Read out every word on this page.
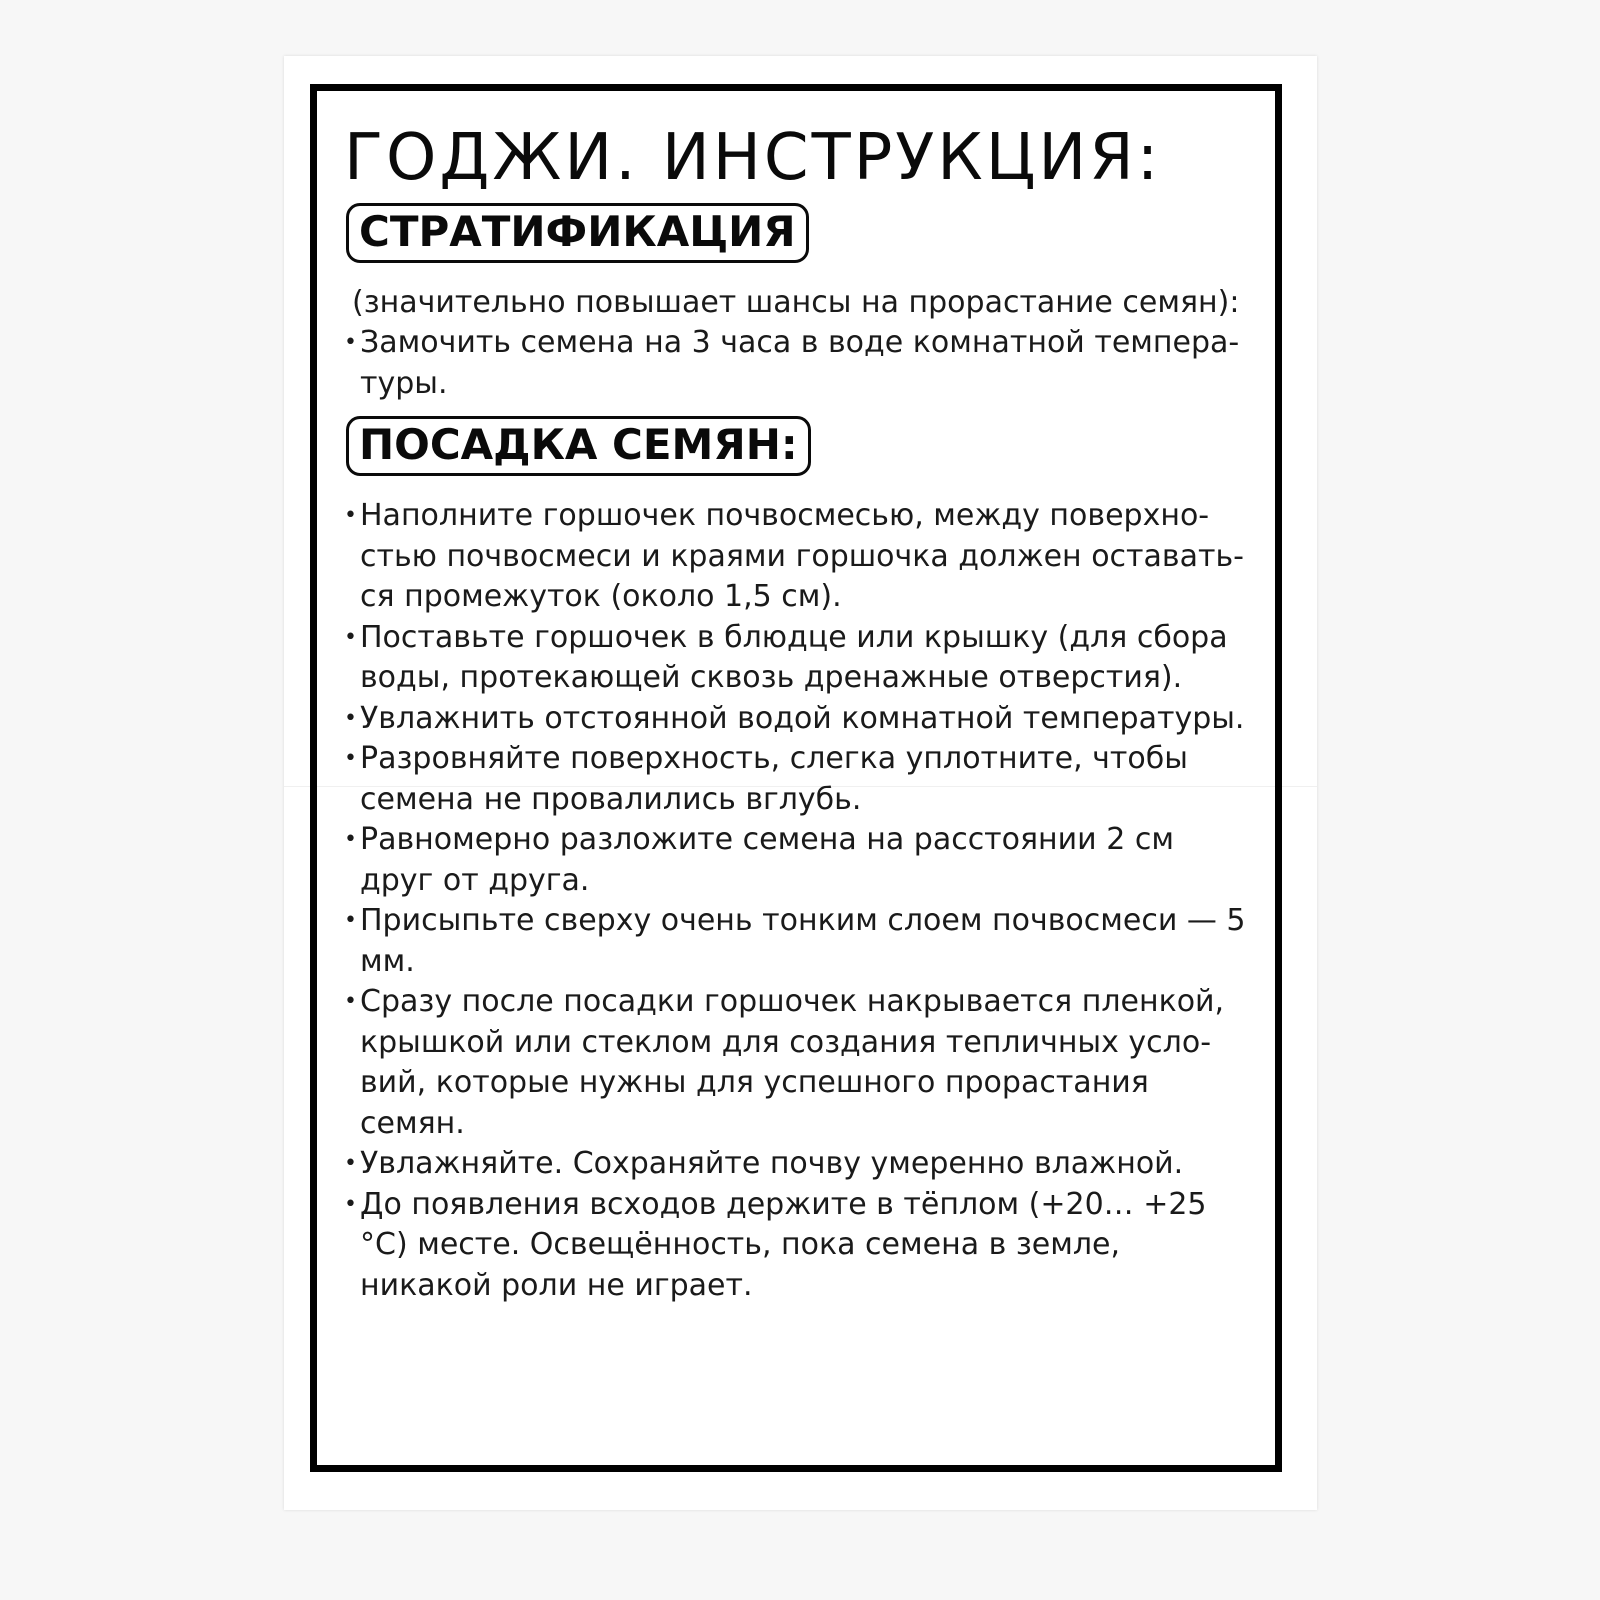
ГОДЖИ. ИНСТРУКЦИЯ:
СТРАТИФИКАЦИЯ
(значительно повышает шансы на прорастание семян):
• Замочить семена на 3 часа в воде комнатной темпера-туры.
ПОСАДКА СЕМЯН:
• Наполните горшочек почвосмесью, между поверхно-стью почвосмеси и краями горшочка должен оставать-ся промежуток (около 1,5 см).
• Поставьте горшочек в блюдце или крышку (для сбора воды, протекающей сквозь дренажные отверстия).
• Увлажнить отстоянной водой комнатной температуры.
• Разровняйте поверхность, слегка уплотните, чтобы семена не провалились вглубь.
• Равномерно разложите семена на расстоянии 2 см друг от друга.
• Присыпьте сверху очень тонким слоем почвосмеси — 5 мм.
• Сразу после посадки горшочек накрывается пленкой, крышкой или стеклом для создания тепличных усло-вий, которые нужны для успешного прорастания семян.
• Увлажняйте. Сохраняйте почву умеренно влажной.
• До появления всходов держите в тёплом (+20… +25 °C) месте. Освещённость, пока семена в земле, никакой роли не играет.
